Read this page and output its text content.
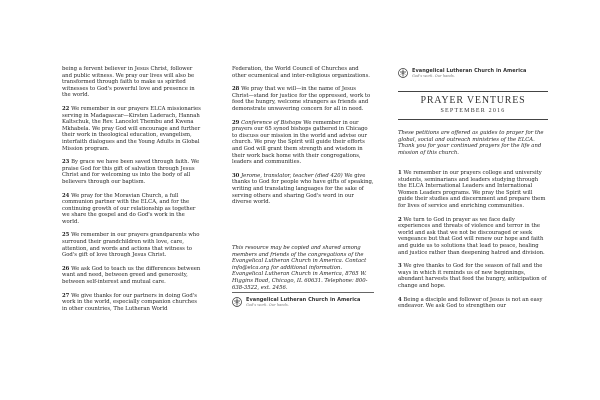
being a fervent believer in Jesus Christ, follower and public witness. We pray our lives will also be transformed through faith to make us spirited witnesses to God's powerful love and presence in the world.

22 We remember in our prayers ELCA missionaries serving in Madagascar—Kirsten Laderach, Hannah Kaltschuk, the Rev. Lancelot Thembu and Kwena Mkhabela. We pray God will encourage and further their work in theological education, evangelism, interfaith dialogues and the Young Adults in Global Mission program.

23 By grace we have been saved through faith. We praise God for this gift of salvation through Jesus Christ and for welcoming us into the body of all believers through our baptism.

24 We pray for the Moravian Church, a full communion partner with the ELCA, and for the continuing growth of our relationship as together we share the gospel and do God's work in the world.

25 We remember in our prayers grandparents who surround their grandchildren with love, care, attention, and words and actions that witness to God's gift of love through Jesus Christ.

26 We ask God to teach us the differences between want and need, between greed and generosity, between self-interest and mutual care.

27 We give thanks for our partners in doing God's work in the world, especially companion churches in other countries, The Lutheran World

Federation, the World Council of Churches and other ecumenical and inter-religious organizations.

28 We pray that we will—in the name of Jesus Christ—stand for justice for the oppressed, work to feed the hungry, welcome strangers as friends and demonstrate unwavering concern for all in need.

29 Conference of Bishops We remember in our prayers our 65 synod bishops gathered in Chicago to discuss our mission in the world and advise our church. We pray the Spirit will guide their efforts and God will grant them strength and wisdom in their work back home with their congregations, leaders and communities.

30 Jerome, translator, teacher (died 420) We give thanks to God for people who have gifts of speaking, writing and translating languages for the sake of serving others and sharing God's word in our diverse world.

This resource may be copied and shared among members and friends of the congregations of the Evangelical Lutheran Church in America. Contact info@elca.org for additional information. Evangelical Lutheran Church in America, 8765 W. Higgins Road, Chicago, IL 60631. Telephone: 800-638-3522, ext. 2456.
Evangelical Lutheran Church in America
God's work. Our hands.
Evangelical Lutheran Church in America
God's work. Our hands.
PRAYER VENTURES
SEPTEMBER 2016
These petitions are offered as guides to prayer for the global, social and outreach ministries of the ELCA. Thank you for your continued prayers for the life and mission of this church.

1 We remember in our prayers college and university students, seminarians and leaders studying through the ELCA International Leaders and International Women Leaders programs. We pray the Spirit will guide their studies and discernment and prepare them for lives of service and enriching communities.

2 We turn to God in prayer as we face daily experiences and threats of violence and terror in the world and ask that we not be discouraged or seek vengeance but that God will renew our hope and faith and guide us to solutions that lead to peace, healing and justice rather than deepening hatred and division.

3 We give thanks to God for the season of fall and the ways in which it reminds us of new beginnings, abundant harvests that feed the hungry, anticipation of change and hope.

4 Being a disciple and follower of Jesus is not an easy endeavor. We ask God to strengthen our
